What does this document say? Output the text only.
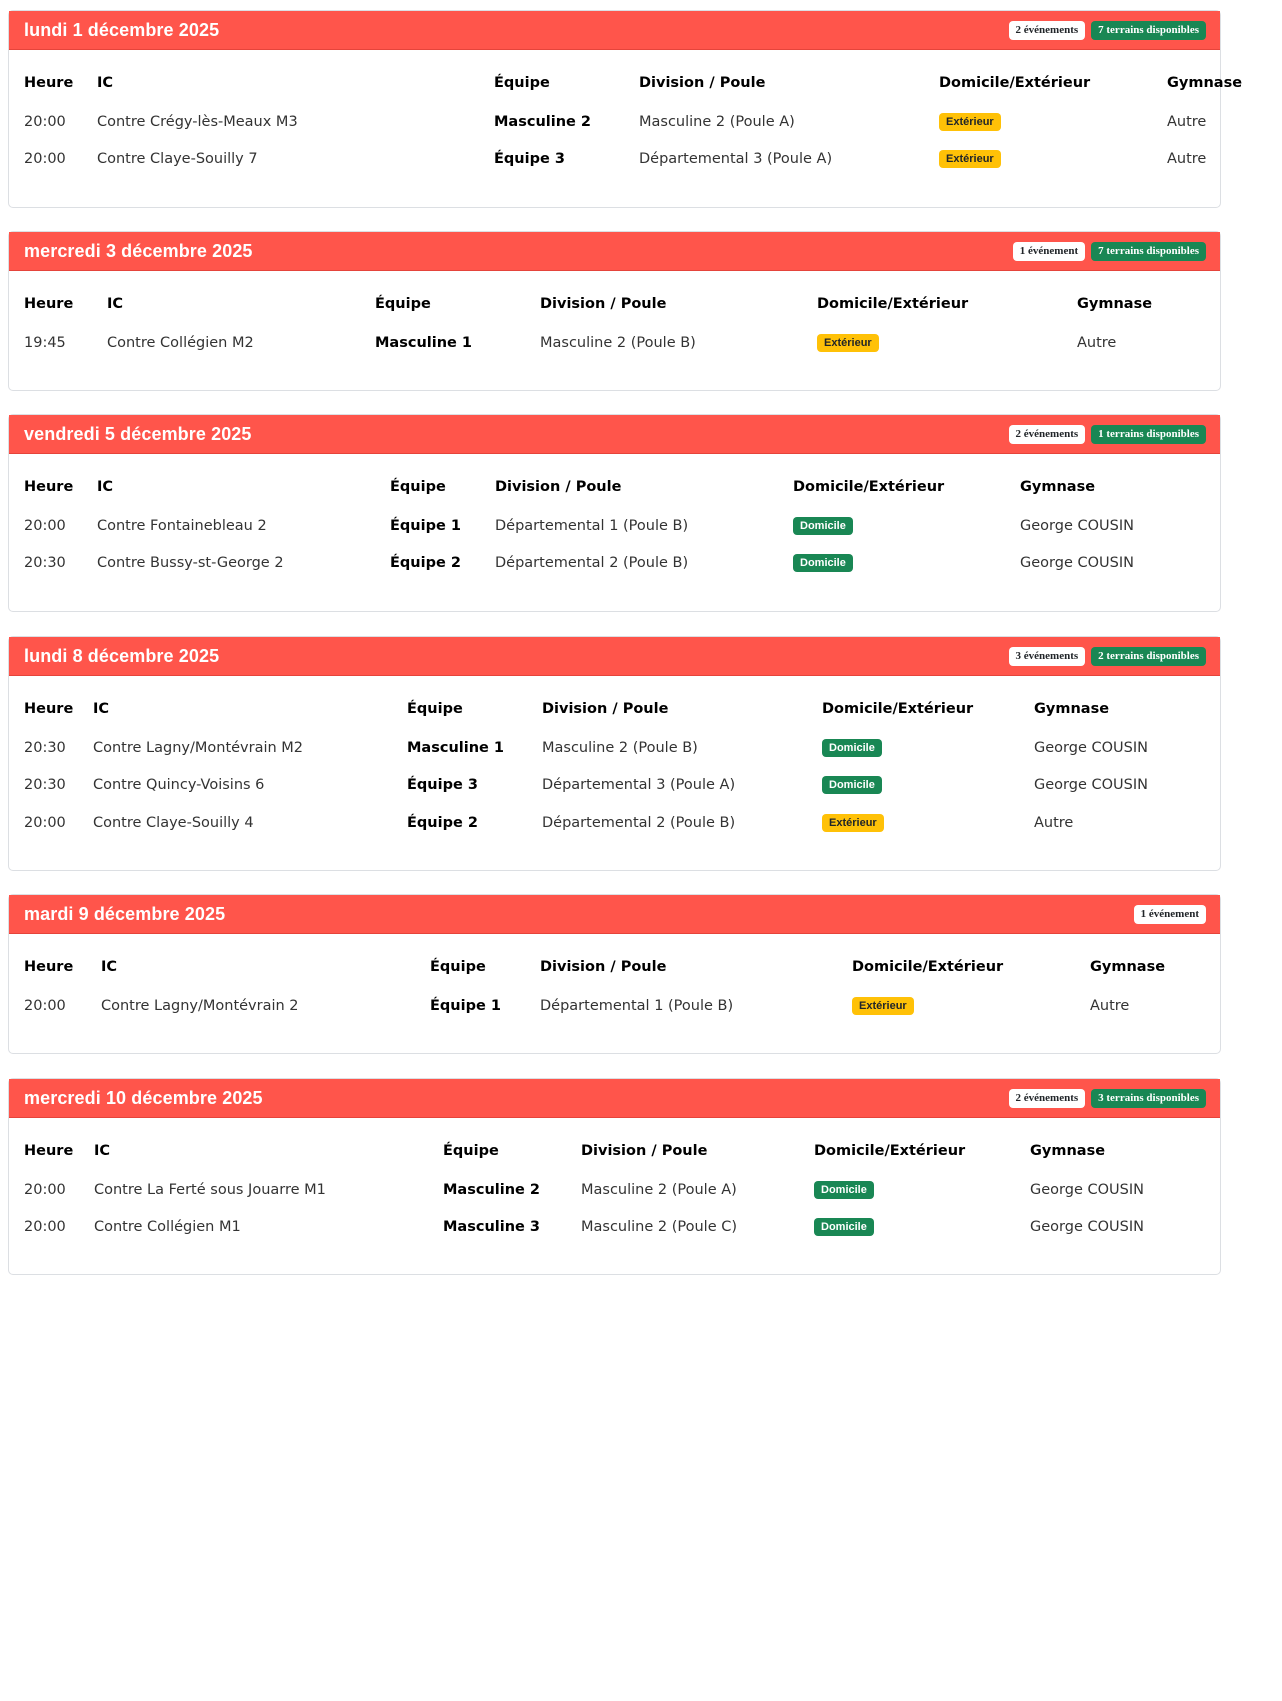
lundi 1 décembre 2025	2 événements	7 terrains disponibles
Heure	IC	Équipe	Division / Poule	Domicile/Extérieur	Gymnase
20:00	Contre Crégy-lès-Meaux M3	Masculine 2	Masculine 2 (Poule A)	Extérieur	Autre
20:00	Contre Claye-Souilly 7	Équipe 3	Départemental 3 (Poule A)	Extérieur	Autre
mercredi 3 décembre 2025	1 événement	7 terrains disponibles
Heure	IC	Équipe	Division / Poule	Domicile/Extérieur	Gymnase
19:45	Contre Collégien M2	Masculine 1	Masculine 2 (Poule B)	Extérieur	Autre
vendredi 5 décembre 2025	2 événements	1 terrains disponibles
Heure	IC	Équipe	Division / Poule	Domicile/Extérieur	Gymnase
20:00	Contre Fontainebleau 2	Équipe 1	Départemental 1 (Poule B)	Domicile	George COUSIN
20:30	Contre Bussy-st-George 2	Équipe 2	Départemental 2 (Poule B)	Domicile	George COUSIN
lundi 8 décembre 2025	3 événements	2 terrains disponibles
Heure	IC	Équipe	Division / Poule	Domicile/Extérieur	Gymnase
20:30	Contre Lagny/Montévrain M2	Masculine 1	Masculine 2 (Poule B)	Domicile	George COUSIN
20:30	Contre Quincy-Voisins 6	Équipe 3	Départemental 3 (Poule A)	Domicile	George COUSIN
20:00	Contre Claye-Souilly 4	Équipe 2	Départemental 2 (Poule B)	Extérieur	Autre
mardi 9 décembre 2025	1 événement
Heure	IC	Équipe	Division / Poule	Domicile/Extérieur	Gymnase
20:00	Contre Lagny/Montévrain 2	Équipe 1	Départemental 1 (Poule B)	Extérieur	Autre
mercredi 10 décembre 2025	2 événements	3 terrains disponibles
Heure	IC	Équipe	Division / Poule	Domicile/Extérieur	Gymnase
20:00	Contre La Ferté sous Jouarre M1	Masculine 2	Masculine 2 (Poule A)	Domicile	George COUSIN
20:00	Contre Collégien M1	Masculine 3	Masculine 2 (Poule C)	Domicile	George COUSIN
